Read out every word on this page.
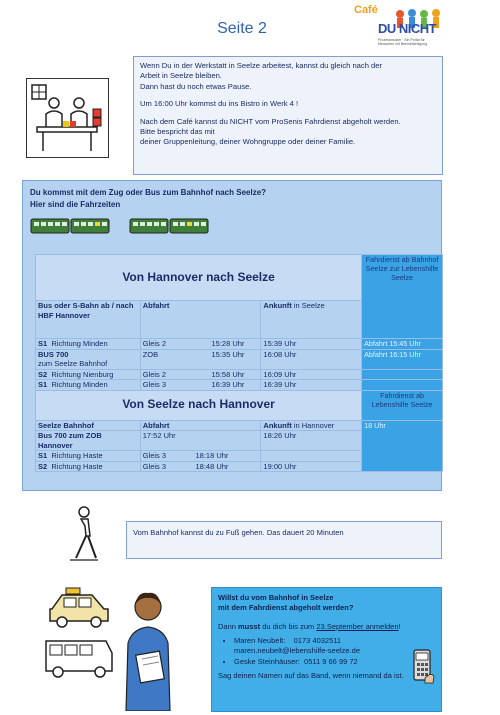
Seite 2
Café
DU NICHT
Prozessmuster · Ein Portal für Menschen mit Beeinträchtigung

Wenn Du in der Werkstatt in Seelze arbeitest, kannst du gleich nach der
Arbeit in Seelze bleiben.
Dann hast du noch etwas Pause.

Um 16:00 Uhr kommst du ins Bistro in Werk 4 !

Nach dem Café kannst du NICHT vom ProSenis Fahrdienst abgeholt werden.
Bitte bespricht das mit
deiner Gruppenleitung, deiner Wohngruppe oder deiner Familie.

Du kommst mit dem Zug oder Bus zum Bahnhof nach Seelze?
Hier sind die Fahrzeiten
Von Hannover nach Seelze			Fahrdienst ab Bahnhof Seelze zur Lebenshilfe Seelze
Bus oder S-Bahn ab / nach HBF Hannover	Abfahrt	Ankunft in Seelze	
S1 Richtung Minden	Gleis 2 15:28 Uhr	15:39 Uhr	Abfahrt 15:45 Uhr
BUS 700
zum Seelze Bahnhof	ZOB 15:35 Uhr	16:08 Uhr	Abfahrt 16:15 Uhr
S2 Richtung Nienburg	Gleis 2 15:58 Uhr	16:09 Uhr	
S1 Richtung Minden	Gleis 3 16:39 Uhr	16:39 Uhr	
Von Seelze nach Hannover			Fahrdienst ab Lebenshilfe Seelze
Seelze Bahnhof	Abfahrt	Ankunft in Hannover	18 Uhr
Bus 700 zum ZOB
Hannover	17:52 Uhr	18:26 Uhr	
S1 Richtung Haste	Gleis 3 18:18 Uhr		

S2 Richtung Haste	Gleis 3 18:48 Uhr	19:00 Uhr	
Vom Bahnhof kannst du zu Fuß gehen. Das dauert 20 Minuten
Willst du vom Bahnhof in Seelze
mit dem Fahrdienst abgeholt werden?
Dann musst du dich bis zum 23.September anmelden!
• Maren Neubelt: 0173 4032511
maren.neubelt@lebenshilfe-seelze.de
• Geske Steinhäuser: 0511 9 66 99 72
Sag deinen Namen auf das Band, wenn niemand da ist.
